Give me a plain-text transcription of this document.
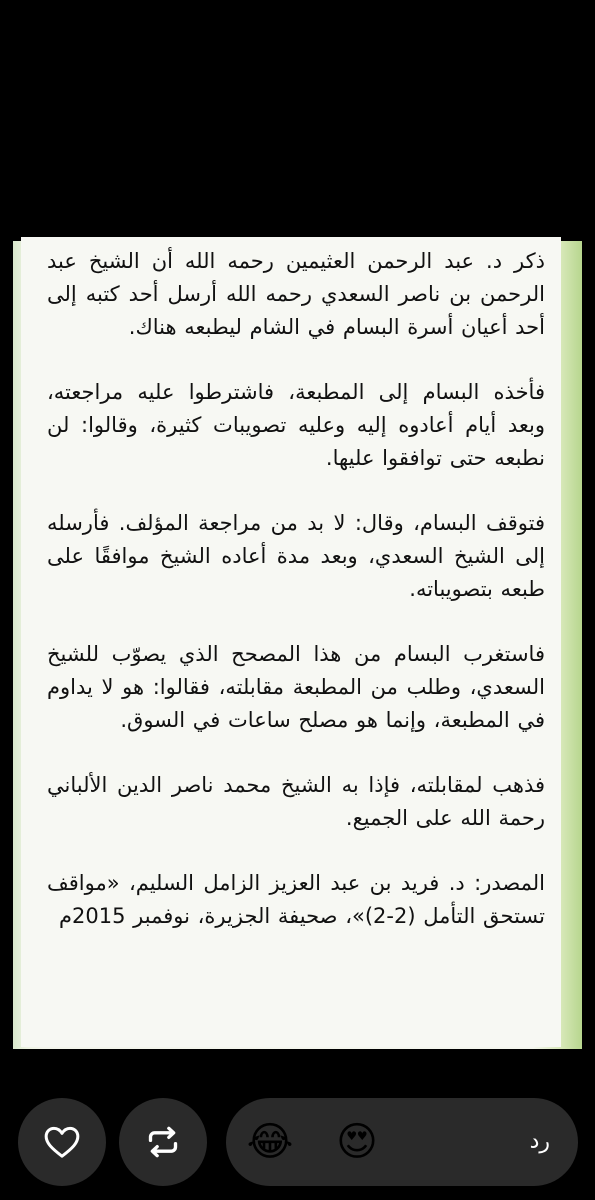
ذكر د. عبد الرحمن العثيمين رحمه الله أن الشيخ عبد الرحمن بن ناصر السعدي رحمه الله أرسل أحد كتبه إلى أحد أعيان أسرة البسام في الشام ليطبعه هناك.

فأخذه البسام إلى المطبعة، فاشترطوا عليه مراجعته، وبعد أيام أعادوه إليه وعليه تصويبات كثيرة، وقالوا: لن نطبعه حتى توافقوا عليها.

فتوقف البسام، وقال: لا بد من مراجعة المؤلف. فأرسله إلى الشيخ السعدي، وبعد مدة أعاده الشيخ موافقًا على طبعه بتصويباته.

فاستغرب البسام من هذا المصحح الذي يصوّب للشيخ السعدي، وطلب من المطبعة مقابلته، فقالوا: هو لا يداوم في المطبعة، وإنما هو مصلح ساعات في السوق.

فذهب لمقابلته، فإذا به الشيخ محمد ناصر الدين الألباني رحمة الله على الجميع.

المصدر: د. فريد بن عبد العزيز الزامل السليم، «مواقف تستحق التأمل (2-2)»، صحيفة الجزيرة، نوفمبر 2015م

😂 😍	رد
